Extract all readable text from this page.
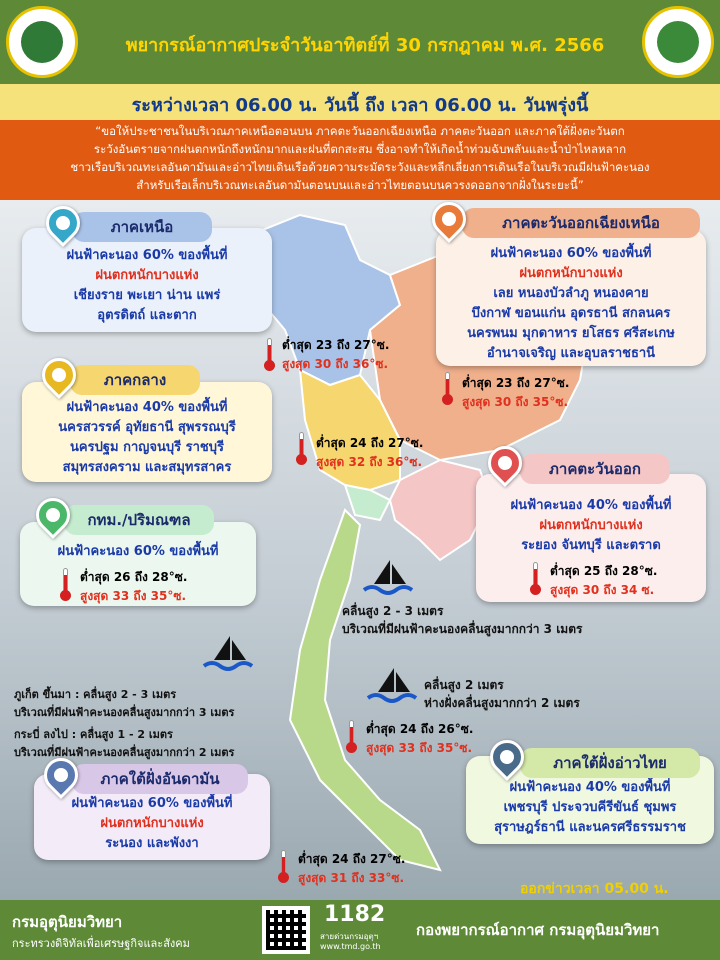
พยากรณ์อากาศประจำวันอาทิตย์ที่ 30 กรกฎาคม พ.ศ. 2566
ระหว่างเวลา 06.00 น. วันนี้ ถึง เวลา 06.00 น. วันพรุ่งนี้
“ขอให้ประชาชนในบริเวณภาคเหนือตอนบน ภาคตะวันออกเฉียงเหนือ ภาคตะวันออก และภาคใต้ฝั่งตะวันตก
ระวังอันตรายจากฝนตกหนักถึงหนักมากและฝนที่ตกสะสม ซึ่งอาจทำให้เกิดน้ำท่วมฉับพลันและน้ำป่าไหลหลาก
ชาวเรือบริเวณทะเลอันดามันและอ่าวไทยเดินเรือด้วยความระมัดระวังและหลีกเลี่ยงการเดินเรือในบริเวณมีฝนฟ้าคะนอง
สำหรับเรือเล็กบริเวณทะเลอันดามันตอนบนและอ่าวไทยตอนบนควรงดออกจากฝั่งในระยะนี้”
ฝนฟ้าคะนอง 60% ของพื้นที่
ฝนตกหนักบางแห่ง
เชียงราย พะเยา น่าน แพร่
อุตรดิตถ์ และตาก
ภาคเหนือ
ต่ำสุด 23 ถึง 27°ซ.
สูงสุด 30 ถึง 36°ซ.
ฝนฟ้าคะนอง 60% ของพื้นที่
ฝนตกหนักบางแห่ง
เลย หนองบัวลำภู หนองคาย
บึงกาฬ ขอนแก่น อุดรธานี สกลนคร
นครพนม มุกดาหาร ยโสธร ศรีสะเกษ
อำนาจเจริญ และอุบลราชธานี
ภาคตะวันออกเฉียงเหนือ
ต่ำสุด 23 ถึง 27°ซ.
สูงสุด 30 ถึง 35°ซ.
ฝนฟ้าคะนอง 40% ของพื้นที่
นครสวรรค์ อุทัยธานี สุพรรณบุรี
นครปฐม กาญจนบุรี ราชบุรี
สมุทรสงคราม และสมุทรสาคร
ภาคกลาง
ต่ำสุด 24 ถึง 27°ซ.
สูงสุด 32 ถึง 36°ซ.
ฝนฟ้าคะนอง 40% ของพื้นที่
ฝนตกหนักบางแห่ง
ระยอง จันทบุรี และตราด
ภาคตะวันออก
ต่ำสุด 25 ถึง 28°ซ.
สูงสุด 30 ถึง 34 ซ.
ฝนฟ้าคะนอง 60% ของพื้นที่
กทม./ปริมณฑล
ต่ำสุด 26 ถึง 28°ซ.
สูงสุด 33 ถึง 35°ซ.
คลื่นสูง 2 - 3 เมตร
บริเวณที่มีฝนฟ้าคะนองคลื่นสูงมากกว่า 3 เมตร
คลื่นสูง 2 เมตร
ห่างฝั่งคลื่นสูงมากกว่า 2 เมตร
ภูเก็ต ขึ้นมา : คลื่นสูง 2 - 3 เมตร
บริเวณที่มีฝนฟ้าคะนองคลื่นสูงมากกว่า 3 เมตร
กระบี่ ลงไป : คลื่นสูง 1 - 2 เมตร
บริเวณที่มีฝนฟ้าคะนองคลื่นสูงมากกว่า 2 เมตร
ต่ำสุด 24 ถึง 26°ซ.
สูงสุด 33 ถึง 35°ซ.
ฝนฟ้าคะนอง 60% ของพื้นที่
ฝนตกหนักบางแห่ง
ระนอง และพังงา
ภาคใต้ฝั่งอันดามัน
ต่ำสุด 24 ถึง 27°ซ.
สูงสุด 31 ถึง 33°ซ.
ฝนฟ้าคะนอง 40% ของพื้นที่
เพชรบุรี ประจวบคีรีขันธ์ ชุมพร
สุราษฎร์ธานี และนครศรีธรรมราช
ภาคใต้ฝั่งอ่าวไทย
ออกข่าวเวลา 05.00 น.
กรมอุตุนิยมวิทยา
กระทรวงดิจิทัลเพื่อเศรษฐกิจและสังคม
1182
สายด่วนกรมอุตุฯ
www.tmd.go.th
กองพยากรณ์อากาศ กรมอุตุนิยมวิทยา
